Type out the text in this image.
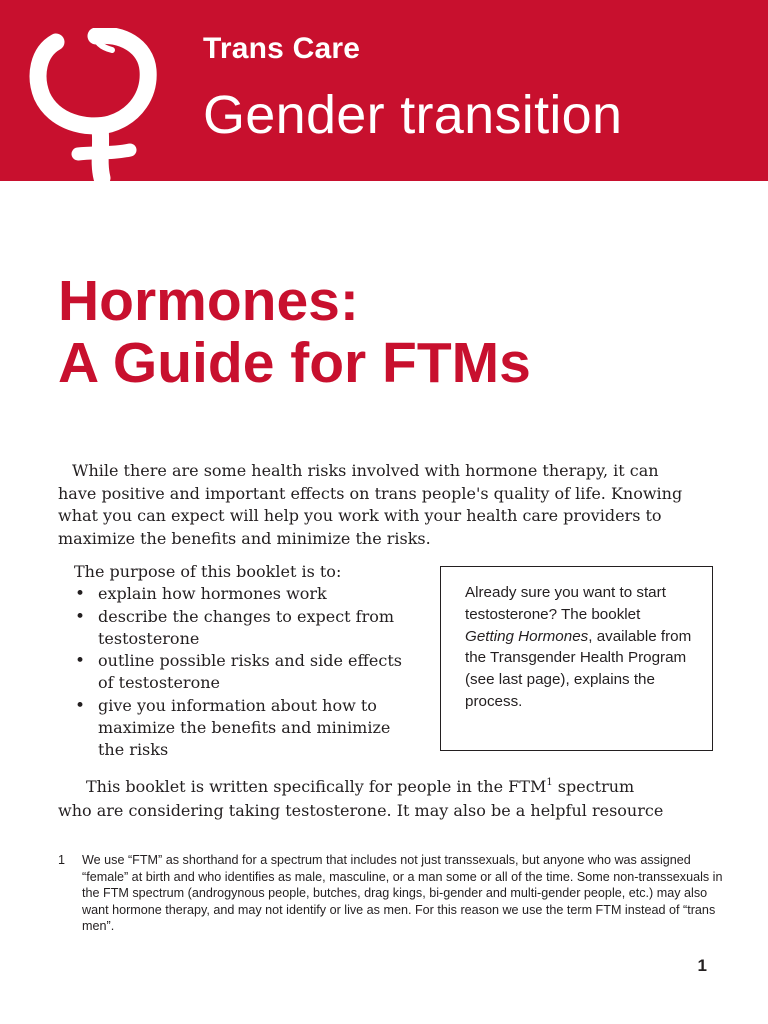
Trans Care
Gender transition
Hormones:
A Guide for FTMs

While there are some health risks involved with hormone therapy, it can have positive and important effects on trans people's quality of life. Knowing what you can expect will help you work with your health care providers to maximize the benefits and minimize the risks.

The purpose of this booklet is to:
• explain how hormones work
• describe the changes to expect from testosterone
• outline possible risks and side effects of testosterone
• give you information about how to maximize the benefits and minimize the risks
Already sure you want to start testosterone? The booklet Getting Hormones, available from the Transgender Health Program (see last page), explains the process.
This booklet is written specifically for people in the FTM$^1$ spectrum
who are considering taking testosterone. It may also be a helpful resource
1 We use “FTM” as shorthand for a spectrum that includes not just transsexuals, but anyone who was assigned “female” at birth and who identifies as male, masculine, or a man some or all of the time. Some non-transsexuals in the FTM spectrum (androgynous people, butches, drag kings, bi-gender and multi-gender people, etc.) may also want hormone therapy, and may not identify or live as men. For this reason we use the term FTM instead of “trans men”.
1
